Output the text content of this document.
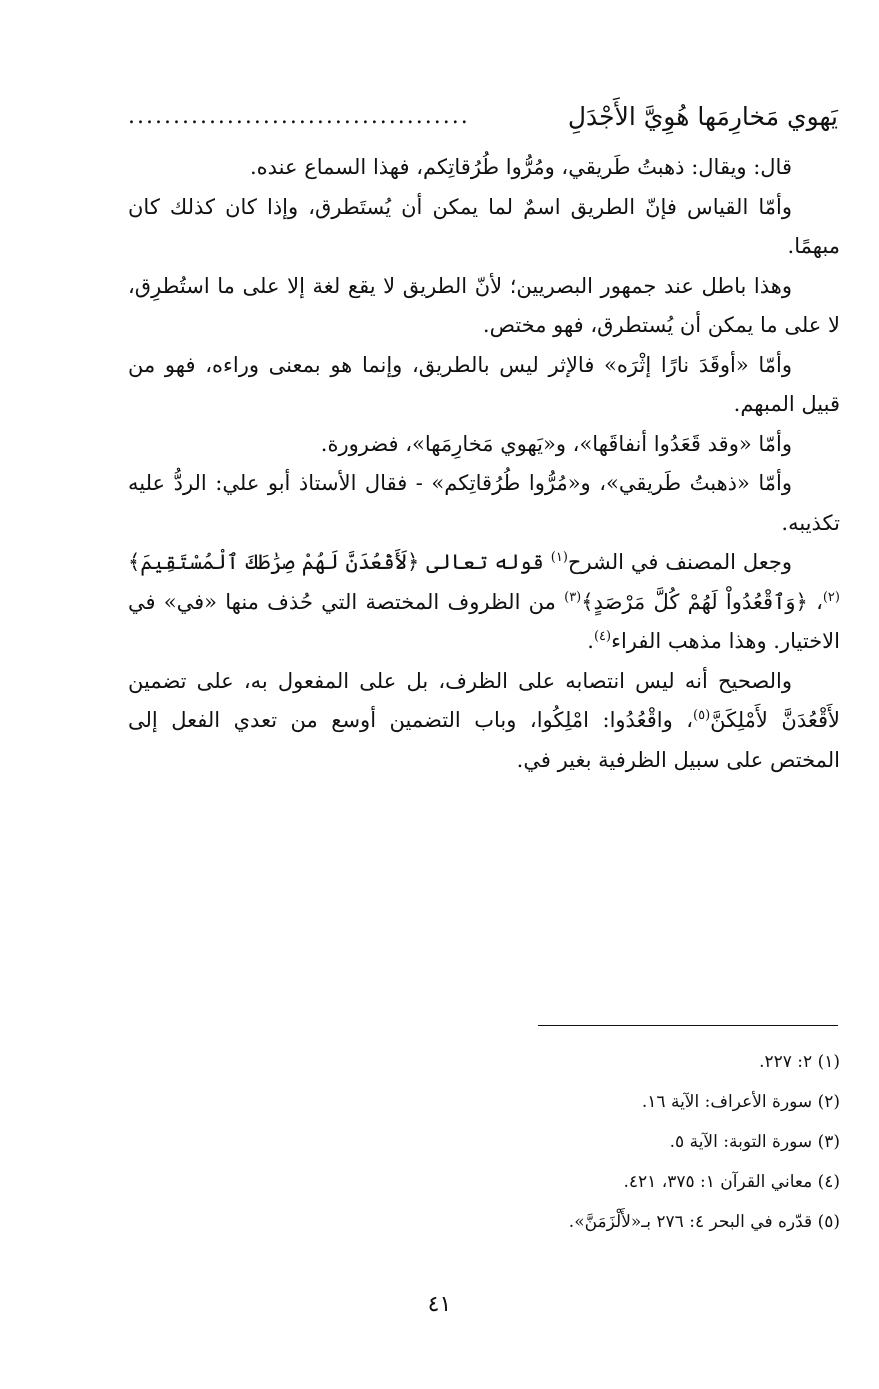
يَهوي مَخارِمَها هُوِيَّ الأَجْدَلِ
......................................

قال: ويقال: ذهبتُ طَريقي، ومُرُّوا طُرُقاتِكم، فهذا السماع عنده.

وأمّا القياس فإنّ الطريق اسمٌ لما يمكن أن يُستَطرق، وإذا كان كذلك كان مبهمًا.

وهذا باطل عند جمهور البصريين؛ لأنّ الطريق لا يقع لغة إلا على ما استُطرِق، لا على ما يمكن أن يُستطرق، فهو مختص.

وأمّا «أوقَدَ نارًا إثْرَه» فالإثر ليس بالطريق، وإنما هو بمعنى وراءه، فهو من قبيل المبهم.

وأمّا «وقد قَعَدُوا أنفاقَها»، و«يَهوي مَخارِمَها»، فضرورة.

وأمّا «ذهبتُ طَريقي»، و«مُرُّوا طُرُقاتِكم» - فقال الأستاذ أبو علي: الردُّ عليه تكذيبه.

وجعل المصنف في الشرح$^{(١)}$ قوله تعالى ﴿لَأَقْعُدَنَّ لَهُمْ صِرَٰطَكَ ٱلْمُسْتَقِيمَ﴾$^{(٢)}$، ﴿وَٱقْعُدُواْ لَهُمْ كُلَّ مَرْصَدٍ﴾$^{(٣)}$ من الظروف المختصة التي حُذف منها «في» في الاختيار. وهذا مذهب الفراء$^{(٤)}$.

والصحيح أنه ليس انتصابه على الظرف، بل على المفعول به، على تضمين لأَقْعُدَنَّ لأَمْلِكَنَّ$^{(٥)}$، واقْعُدُوا: امْلِكُوا، وباب التضمين أوسع من تعدي الفعل إلى المختص على سبيل الظرفية بغير في.

(١) ٢: ٢٢٧.

(٢) سورة الأعراف: الآية ١٦.

(٣) سورة التوبة: الآية ٥.

(٤) معاني القرآن ١: ٣٧٥، ٤٢١.

(٥) قدّره في البحر ٤: ٢٧٦ بـ«لأَلْزَمَنَّ».

٤١
